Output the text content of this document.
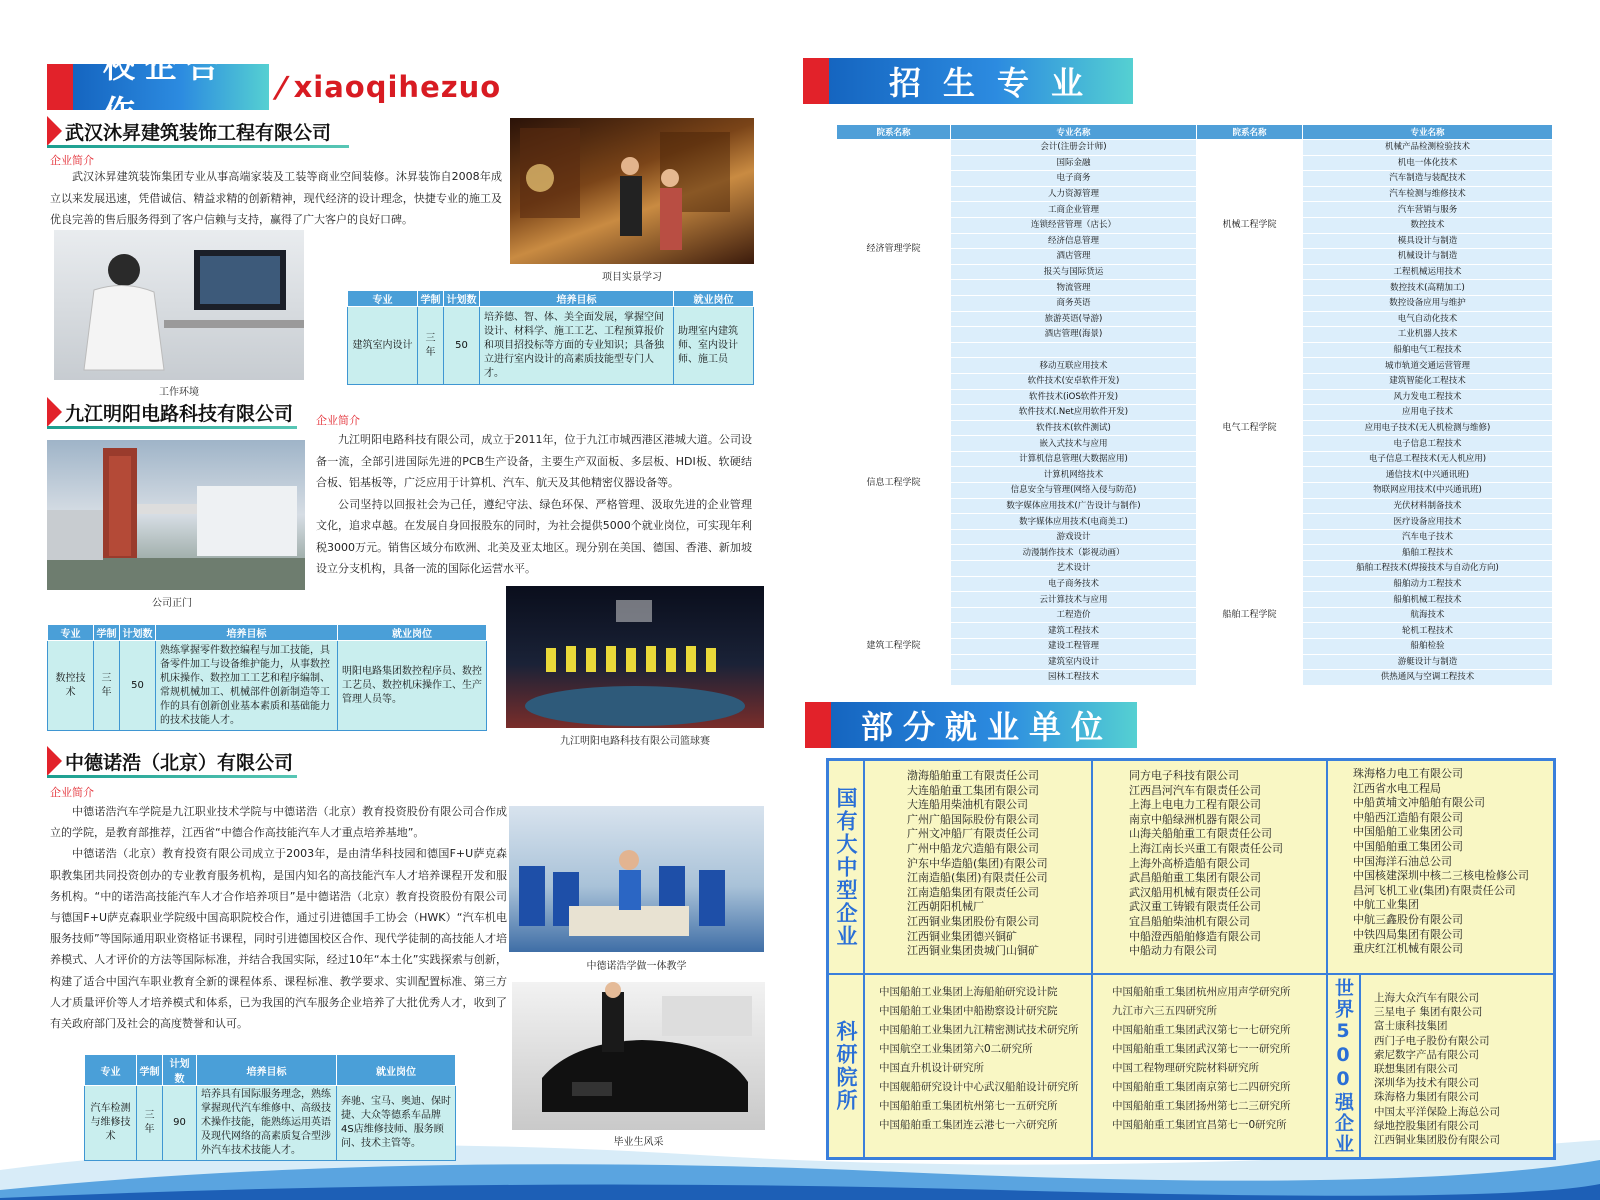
校企合作
/xiaoqihezuo
武汉沐昇建筑装饰工程有限公司
企业简介

武汉沐昇建筑装饰集团专业从事高端家装及工装等商业空间装修。沐昇装饰自2008年成立以来发展迅速，凭借诚信、精益求精的创新精神，现代经济的设计理念，快捷专业的施工及优良完善的售后服务得到了客户信赖与支持，赢得了广大客户的良好口碑。

项目实景学习
工作环境
专业	学制	计划数	培养目标	就业岗位
建筑室内设计	三年	50	培养德、智、体、美全面发展，掌握空间设计、材料学、施工工艺、工程预算报价和项目招投标等方面的专业知识；具备独立进行室内设计的高素质技能型专门人才。	助理室内建筑师、室内设计师、施工员
九江明阳电路科技有限公司
公司正门
企业简介

九江明阳电路科技有限公司，成立于2011年，位于九江市城西港区港城大道。公司设备一流，全部引进国际先进的PCB生产设备，主要生产双面板、多层板、HDI板、软硬结合板、铝基板等，广泛应用于计算机、汽车、航天及其他精密仪器设备等。

公司坚持以回报社会为己任，遵纪守法、绿色环保、严格管理、汲取先进的企业管理文化，追求卓越。在发展自身回报股东的同时，为社会提供5000个就业岗位，可实现年利税3000万元。销售区域分布欧洲、北美及亚太地区。现分别在美国、德国、香港、新加坡设立分支机构，具备一流的国际化运营水平。

九江明阳电路科技有限公司篮球赛
专业	学制	计划数	培养目标	就业岗位
数控技术	三年	50	熟练掌握零件数控编程与加工技能，具备零件加工与设备维护能力，从事数控机床操作、数控加工工艺和程序编制、常规机械加工、机械部件创新制造等工作的具有创新创业基本素质和基础能力的技术技能人才。	明阳电路集团数控程序员、数控工艺员、数控机床操作工、生产管理人员等。
中德诺浩（北京）有限公司
企业简介

中德诺浩汽车学院是九江职业技术学院与中德诺浩（北京）教育投资股份有限公司合作成立的学院，是教育部推荐，江西省“中德合作高技能汽车人才重点培养基地”。

中德诺浩（北京）教育投资有限公司成立于2003年，是由清华科技园和德国F+U萨克森职教集团共同投资创办的专业教育服务机构，是国内知名的高技能汽车人才培养课程开发和服务机构。“中的诺浩高技能汽车人才合作培养项目”是中德诺浩（北京）教育投资股份有限公司与德国F+U萨克森职业学院级中国高职院校合作，通过引进德国手工协会（HWK）“汽车机电服务技师”等国际通用职业资格证书课程，同时引进德国校区合作、现代学徒制的高技能人才培养模式、人才评价的方法等国际标准，并结合我国实际，经过10年“本土化”实践探索与创新，构建了适合中国汽车职业教育全新的课程体系、课程标准、教学要求、实训配置标准、第三方人才质量评价等人才培养模式和体系，已为我国的汽车服务企业培养了大批优秀人才，收到了有关政府部门及社会的高度赞誉和认可。

中德诺浩学做一体教学
毕业生风采
专业	学制	计划数	培养目标	就业岗位
汽车检测与维修技术	三年	90	培养具有国际服务理念，熟练掌握现代汽车维修中、高级技术操作技能，能熟练运用英语及现代网络的高素质复合型涉外汽车技术技能人才。	奔驰、宝马、奥迪、保时捷、大众等德系车品牌4S店维修技师、服务顾问、技术主管等。
招生专业
院系名称	专业名称	院系名称	专业名称
经济管理学院	会计(注册会计师)	机械工程学院	机械产品检测检验技术
	国际金融		机电一体化技术
	电子商务		汽车制造与装配技术
	人力资源管理		汽车检测与维修技术
	工商企业管理		汽车营销与服务
	连锁经营管理（店长）		数控技术
	经济信息管理		模具设计与制造
	酒店管理		机械设计与制造
	报关与国际货运		工程机械运用技术
	物流管理		数控技术(高精加工)
	商务英语		数控设备应用与维护
	旅游英语(导游)	电气工程学院	电气自动化技术
	酒店管理(海景)		工业机器人技术
			船舶电气工程技术
信息工程学院	移动互联应用技术		城市轨道交通运营管理
	软件技术(安卓软件开发)		建筑智能化工程技术
	软件技术(iOS软件开发)		风力发电工程技术
	软件技术(.Net应用软件开发)		应用电子技术
	软件技术(软件测试)		应用电子技术(无人机检测与维修)
	嵌入式技术与应用		电子信息工程技术
	计算机信息管理(大数据应用)		电子信息工程技术(无人机应用)
	计算机网络技术		通信技术(中兴通讯班)
	信息安全与管理(网络入侵与防范)		物联网应用技术(中兴通讯班)
	数字媒体应用技术(广告设计与制作)		光伏材料制备技术
	数字媒体应用技术(电商美工)		医疗设备应用技术
	游戏设计		汽车电子技术
	动漫制作技术（影视动画）	船舶工程学院	船舶工程技术
	艺术设计		船舶工程技术(焊接技术与自动化方向)
	电子商务技术		船舶动力工程技术
	云计算技术与应用		船舶机械工程技术
建筑工程学院	工程造价		航海技术
	建筑工程技术		轮机工程技术
	建设工程管理		船舶检验
	建筑室内设计		游艇设计与制造
	园林工程技术		供热通风与空调工程技术
部分就业单位
国有大中型企业
科研院所	世界500强企业
渤海船舶重工有限责任公司
大连船舶重工集团有限公司
大连船用柴油机有限公司
广州广船国际股份有限公司
广州文冲船厂有限责任公司
广州中船龙穴造船有限公司
沪东中华造船(集团)有限公司
江南造船(集团)有限责任公司
江南造船集团有限责任公司
江西朝阳机械厂
江西铜业集团股份有限公司
江西铜业集团德兴铜矿
江西铜业集团贵城门山铜矿
同方电子科技有限公司
江西昌河汽车有限责任公司
上海上电电力工程有限公司
南京中船绿洲机器有限公司
山海关船舶重工有限责任公司
上海江南长兴重工有限责任公司
上海外高桥造船有限公司
武昌船舶重工集团有限公司
武汉船用机械有限责任公司
武汉重工铸锻有限责任公司
宜昌船舶柴油机有限公司
中船澄西船舶修造有限公司
中船动力有限公司
珠海格力电工有限公司
江西省水电工程局
中船黄埔文冲船舶有限公司
中船西江造船有限公司
中国船舶工业集团公司
中国船舶重工集团公司
中国海洋石油总公司
中国核建深圳中核二三核电检修公司
昌河飞机工业(集团)有限责任公司
中航工业集团
中航三鑫股份有限公司
中铁四局集团有限公司
重庆红江机械有限公司
中国船舶工业集团上海船舶研究设计院
中国船舶工业集团中船勘察设计研究院
中国船舶工业集团九江精密测试技术研究所
中国航空工业集团第六0二研究所
中国直升机设计研究所
中国舰船研究设计中心武汉船舶设计研究所
中国船舶重工集团杭州第七一五研究所
中国船舶重工集团连云港七一六研究所
中国船舶重工集团杭州应用声学研究所
九江市六三五四研究所
中国船舶重工集团武汉第七一七研究所
中国船舶重工集团武汉第七一一研究所
中国工程物理研究院材料研究所
中国船舶重工集团南京第七二四研究所
中国船舶重工集团扬州第七二三研究所
中国船舶重工集团宜昌第七一0研究所
上海大众汽车有限公司
三星电子 集团有限公司
富士康科技集团
西门子电子股份有限公司
索尼数字产品有限公司
联想集团有限公司
深圳华为技术有限公司
珠海格力集团有限公司
中国太平洋保险上海总公司
绿地控股集团有限公司
江西铜业集团股份有限公司
